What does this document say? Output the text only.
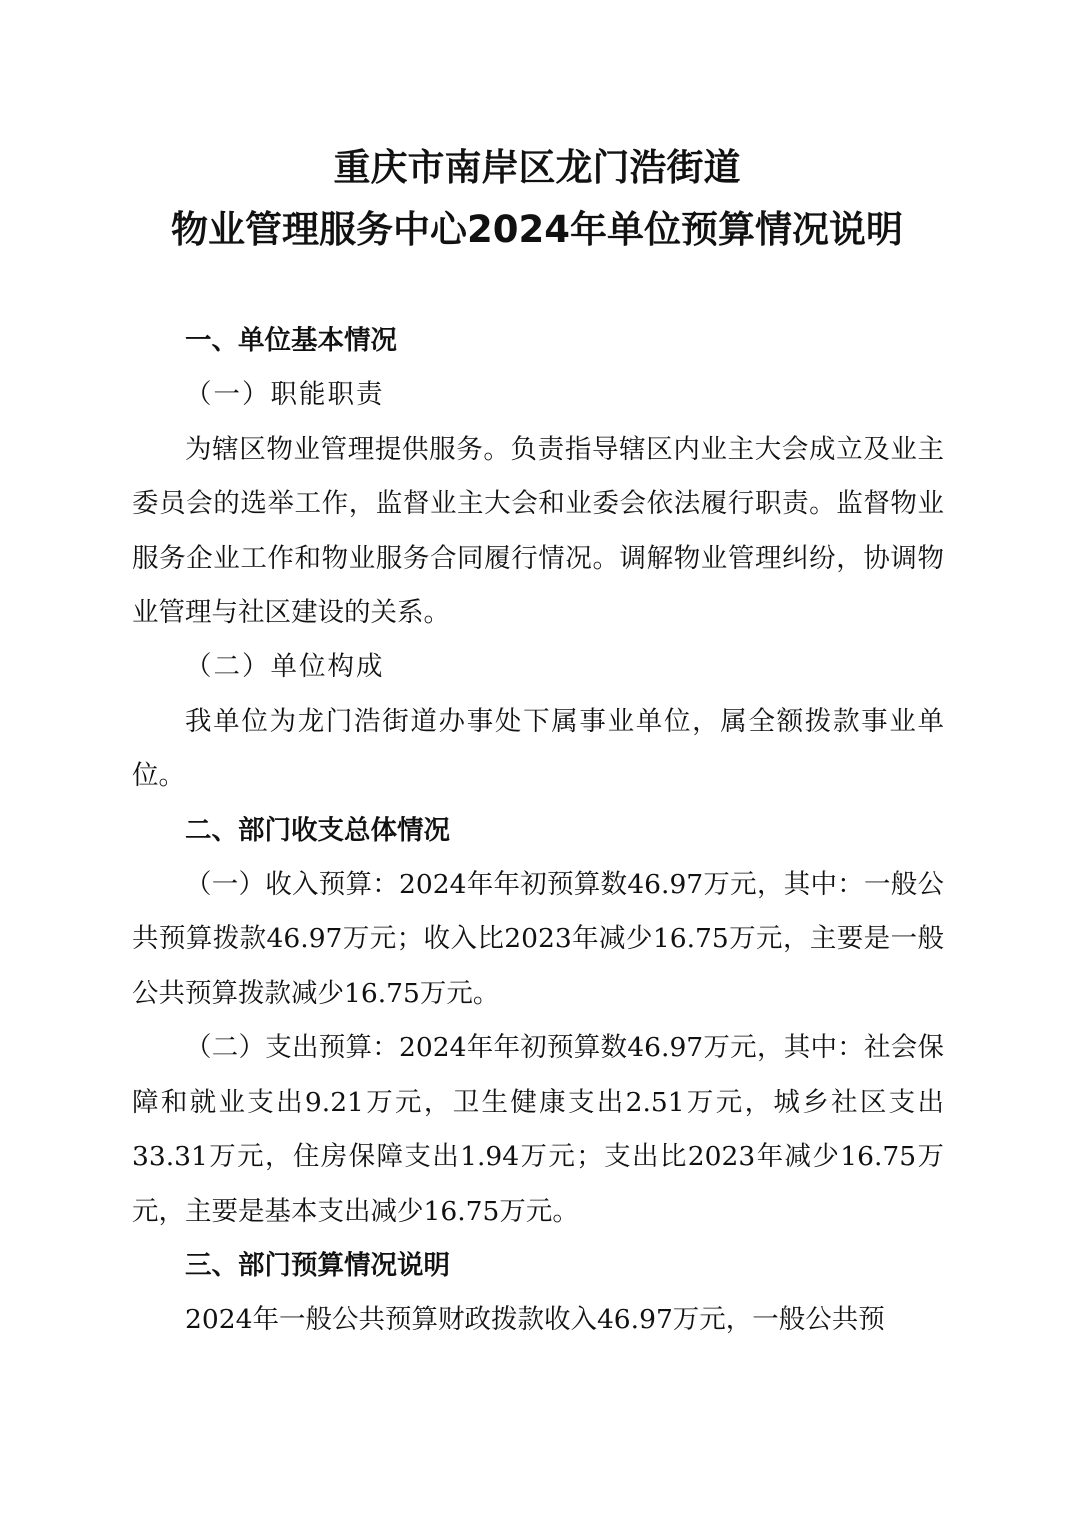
重庆市南岸区龙门浩街道
物业管理服务中心2024年单位预算情况说明

一、单位基本情况

（一）职能职责

为辖区物业管理提供服务。负责指导辖区内业主大会成立及业主委员会的选举工作，监督业主大会和业委会依法履行职责。监督物业服务企业工作和物业服务合同履行情况。调解物业管理纠纷，协调物业管理与社区建设的关系。

（二）单位构成

我单位为龙门浩街道办事处下属事业单位，属全额拨款事业单位。

二、部门收支总体情况

（一）收入预算：2024年年初预算数46.97万元，其中：一般公共预算拨款46.97万元；收入比2023年减少16.75万元，主要是一般公共预算拨款减少16.75万元。

（二）支出预算：2024年年初预算数46.97万元，其中：社会保障和就业支出9.21万元，卫生健康支出2.51万元，城乡社区支出33.31万元，住房保障支出1.94万元；支出比2023年减少16.75万元，主要是基本支出减少16.75万元。

三、部门预算情况说明

2024年一般公共预算财政拨款收入46.97万元，一般公共预
